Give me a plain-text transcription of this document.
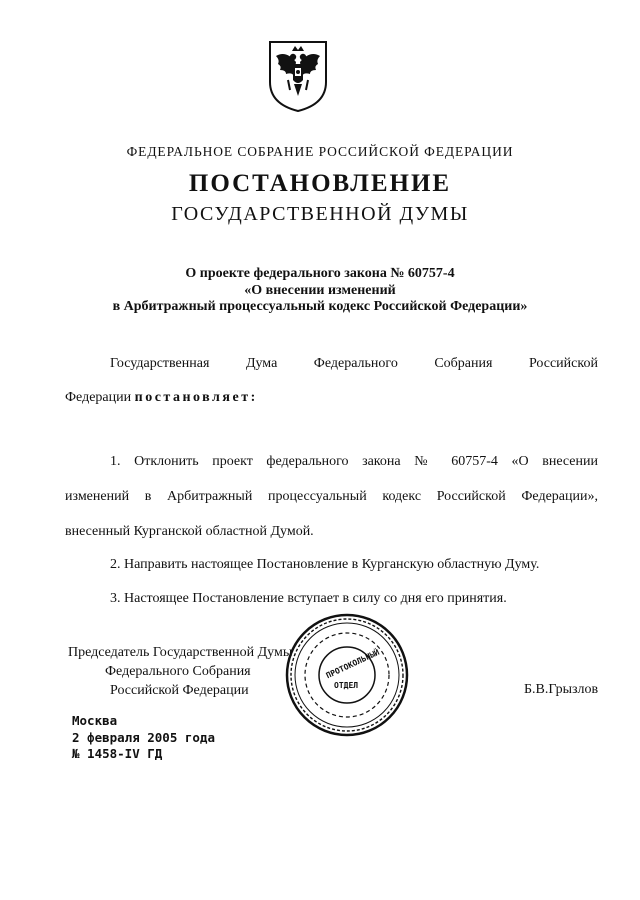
ФЕДЕРАЛЬНОЕ СОБРАНИЕ РОССИЙСКОЙ ФЕДЕРАЦИИ
ПОСТАНОВЛЕНИЕ
ГОСУДАРСТВЕННОЙ ДУМЫ
О проекте федерального закона № 60757-4
«О внесении изменений
в Арбитражный процессуальный кодекс Российской Федерации»
Государственная	Дума	Федерального	Собрания	Российской
Федерации постановляет:
1. Отклонить проект федерального закона № 60757-4 «О внесении
изменений в Арбитражный процессуальный кодекс Российской Федерации»,
внесенный Курганской областной Думой.
2. Направить настоящее Постановление в Курганскую областную Думу.
3. Настоящее Постановление вступает в силу со дня его принятия.
Председатель Государственной Думы
Федерального Собрания
Российской Федерации	Б.В.Грызлов
ПРОТОКОЛЬНЫЙ
ОТДЕЛ
Москва
2 февраля 2005 года
№ 1458-IV ГД
